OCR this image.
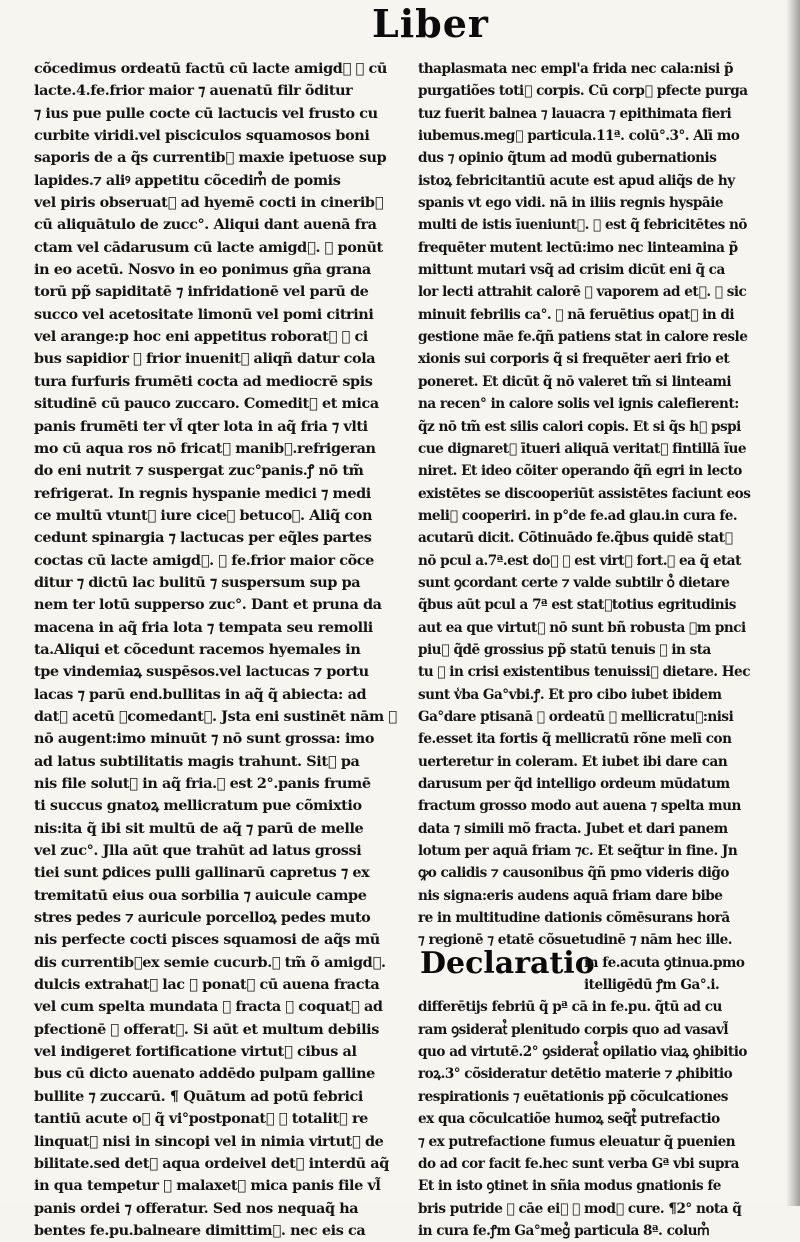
Liber
cõcedimus ordeatū factū cū lacte amigd᷒ ⁊ cū
lacte.4.fe.frior maior ⁊ auenatū filr õditur
⁊ ius pue pulle cocte cū lactucis vel frusto cu
curbite viridi.vel pisciculos squamosos boni
saporis de a q̃s currentib᷒ maxie ipetuose sup
lapides.⁊ aliꝰ appetitu cõcedim᷒ de pomis
vel piris obseruat᷒ ad hyemē cocti in cinerib᷒
cū aliquātulo de zucc°. Aliqui dant auenā fra
ctam vel cādarusum cū lacte amigd᷒. ⁊ ponūt
in eo acetū. Nosvo in eo ponimus gña grana
torū pp̃ sapiditatē ⁊ infridationē vel parū de
succo vel acetositate limonū vel pomi citrini
vel arange:p hoc eni appetitus roborat᷒ ⁊ ci
bus sapidior ⁊ frior inuenit᷒ aliqñ datur cola
tura furfuris frumēti cocta ad mediocrē spis
situdinē cū pauco zuccaro. Comedit᷒ et mica
panis frumēti ter vl̃ qter lota in aq̃ fria ⁊ vlti
mo cū aqua ros nō fricat᷒ manib᷒.refrigeran
do eni nutrit ⁊ suspergat zuc°panis.ꝭ nō tm̃
refrigerat. In regnis hyspanie medici ⁊ medi
ce multū vtunt᷒ iure ciceꝝ betucoꝝ. Aliq̃ con
cedunt spinargia ⁊ lactucas per eq̃les partes
coctas cū lacte amigd᷒. ⁊ fe.frior maior cõce
ditur ⁊ dictū lac bulitū ⁊ suspersum sup pa
nem ter lotū supperso zuc°. Dant et pruna da
macena in aq̃ fria lota ⁊ tempata seu remolli
ta.Aliqui et cõcedunt racemos hyemales in
tpe vindemiaꝝ suspēsos.vel lactucas ⁊ portu
lacas ⁊ parū end.bullitas in aq̃ q̃ abiecta: ad
dat᷒ acetū ⁊comedant᷒. Jsta eni sustinēt nām ꝛ
nō augent:imo minuūt ⁊ nō sunt grossa: imo
ad latus subtilitatis magis trahunt. Sit᷒ pa
nis file solut᷒ in aq̃ fria.⁊ est 2°.panis frumē
ti succus gnatoꝝ mellicratum pue cõmixtio
nis:ita q̃ ibi sit multū de aq̃ ⁊ parū de melle
vel zuc°. Jlla aūt que trahūt ad latus grossi
tiei sunt ꝑdices pulli gallinarū capretus ⁊ ex
tremitatū eius oua sorbilia ⁊ auicule campe
stres pedes ⁊ auricule porcelloꝝ pedes muto
nis perfecte cocti pisces squamosi de aq̃s mū
dis currentib᷒ex semie cucurb.⁊ tm̃ õ amigd᷒.
dulcis extrahat᷒ lac ⁊ ponat᷒ cū auena fracta
vel cum spelta mundata ⁊ fracta ⁊ coquat᷒ ad
pfectionē ⁊ offerat᷒. Si aūt et multum debilis
vel indigeret fortificatione virtut᷒ cibus al
bus cū dicto auenato addēdo pulpam galline
bullite ⁊ zuccarū. ¶ Quātum ad potū febrici
tantiū acute o᷒ q̃ vi°postponat᷒ ⁊ totalit᷒ re
linquat᷒ nisi in sincopi vel in nimia virtut᷒ de
bilitate.sed det᷒ aqua ordeivel det᷒ interdū aq̃
in qua tempetur ⁊ malaxet᷒ mica panis file vl̃
panis ordei ⁊ offeratur. Sed nos nequaq̃ ha
bentes fe.pu.balneare dimittim᷒. nec eis ca
thaplasmata nec empl'a frida nec cala:nisi p̃
purgatiões toti᷒ corpis. Cū corp᷒ pfecte purga
tuz fuerit balnea ⁊ lauacra ⁊ epithimata fieri
iubemus.meg᷒ particula.11ª. colū°.3°. Alī mo
dus ⁊ opinio q̃tum ad modū gubernationis
istoꝝ febricitantiū acute est apud aliq̃s de hy
spanis vt ego vidi. nā in iliis regnis hyspāie
multi de istis īueniunt᷒. ⁊ est q̃ febricitētes nō
frequēter mutent lectū:imo nec linteamina p̃
mittunt mutari vsq̃ ad crisim dicūt eni q̃ ca
lor lecti attrahit calorē ⁊ vaporem ad et᷒. ⁊ sic
minuit febrilis ca°. ⁊ nā feruētius opat᷒ in di
gestione māe fe.q̃ñ patiens stat in calore resle
xionis sui corporis q̃ si frequēter aeri frio et
poneret. Et dicūt q̃ nō valeret tm̃ si linteami
na recen° in calore solis vel ignis calefierent:
q̃z nō tm̃ est silis calori copis. Et si q̃s h᷒ pspi
cue dignaret᷒ ītueri aliquā veritat᷒ fintillā ĩue
niret. Et ideo cõiter operando q̃ñ egri in lecto
existētes se discooperiūt assistētes faciunt eos
meli᷒ cooperiri. in p°de fe.ad glau.in cura fe.
acutarū dicit. Cõtinuādo fe.q̃bus quidē stat᷒
nō pcul a.7ª.est do᷒ ⁊ est virt᷒ fort.⁊ ea q̃ etat
sunt ꝯcordant certe ⁊ valde subtilr o᷒ dietare
q̃bus aūt pcul a 7ª est stat᷒totius egritudinis
aut ea que virtut᷒ nō sunt bñ robusta ꝭm pnci
piu᷒ q̃dē grossius pp̃ statū tenuis ⁊ in sta
tu ⁊ in crisi existentibus tenuissi᷒ dietare. Hec
sunt v̾ba Ga°vbi.ꝭ. Et pro cibo iubet ibidem
Ga°dare ptisanā ⁊ ordeatū ⁊ mellicratu᷒:nisi
fe.esset ita fortis q̃ mellicratū rõne melī con
uerteretur in coleram. Et iubet ibi dare can
darusum per q̃d intelligo ordeum mūdatum
fractum grosso modo aut auena ⁊ spelta mun
data ⁊ simili mõ fracta. Jubet et dari panem
lotum per aquā friam ⁊c. Et seq̃tur in fine. Jn
ꝙo calidis ⁊ causonibus q̃ñ pmo videris dig̃o
nis signa:eris audens aquā friam dare bibe
re in multitudine dationis cõmēsurans horā
⁊ regionē ⁊ etatē cõsuetudinē ⁊ nām hec ille.
Declaratio
in fe.acuta ꝯtinua.pmo
itelligēdū ꝭm Ga°.i.
differētijs febriū q̃ pª cā in fe.pu. q̃tū ad cu
ram ꝯsiderat᷒ plenitudo corpis quo ad vasavl̃
quo ad virtutē.2° ꝯsiderat᷒ opilatio viaꝝ ꝯhibitio
roꝝ.3° cõsideratur detētio materie ⁊ ꝓhibitio
respirationis ⁊ euētationis pp̃ cõculcationes
ex qua cõculcatiõe humoꝝ seq̃t᷒ putrefactio
⁊ ex putrefactione fumus eleuatur q̃ puenien
do ad cor facit fe.hec sunt verba Gª vbi supra
Et in isto ꝯtinet in sñia modus gnationis fe
bris putride ⁊ cāe ei᷒ ⁊ mod᷒ cure. ¶2° nota q̃
in cura fe.ꝭm Ga°meg᷒ particula 8ª. colum᷒
